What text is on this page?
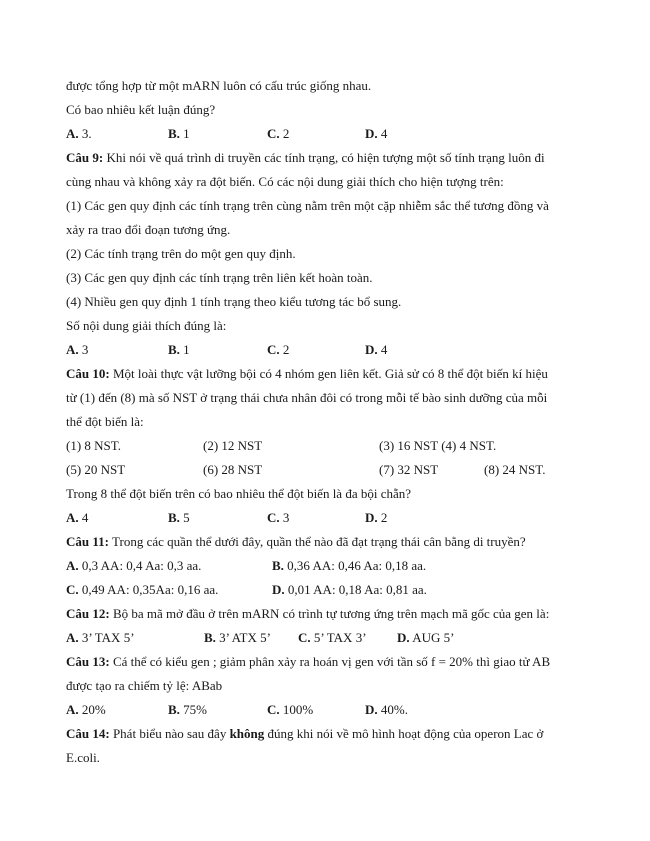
được tổng hợp từ một mARN luôn có cấu trúc giống nhau.
Có bao nhiêu kết luận đúng?
A. 3.	B. 1	C. 2	D. 4
Câu 9: Khi nói về quá trình di truyền các tính trạng, có hiện tượng một số tính trạng luôn đi
cùng nhau và không xảy ra đột biến. Có các nội dung giải thích cho hiện tượng trên:
(1) Các gen quy định các tính trạng trên cùng nằm trên một cặp nhiễm sắc thể tương đồng và
xảy ra trao đổi đoạn tương ứng.
(2) Các tính trạng trên do một gen quy định.
(3) Các gen quy định các tính trạng trên liên kết hoàn toàn.
(4) Nhiều gen quy định 1 tính trạng theo kiểu tương tác bổ sung.
Số nội dung giải thích đúng là:
A. 3	B. 1	C. 2	D. 4
Câu 10: Một loài thực vật lưỡng bội có 4 nhóm gen liên kết. Giả sử có 8 thể đột biến kí hiệu
từ (1) đến (8) mà số NST ở trạng thái chưa nhân đôi có trong mỗi tế bào sinh dưỡng của mỗi
thể đột biến là:
(1) 8 NST.	(2) 12 NST	(3) 16 NST (4) 4 NST.
(5) 20 NST	(6) 28 NST	(7) 32 NST	(8) 24 NST.
Trong 8 thể đột biến trên có bao nhiêu thể đột biến là đa bội chẵn?
A. 4	B. 5	C. 3	D. 2
Câu 11: Trong các quần thể dưới đây, quần thể nào đã đạt trạng thái cân bằng di truyền?
A. 0,3 AA: 0,4 Aa: 0,3 aa.	B. 0,36 AA: 0,46 Aa: 0,18 aa.
C. 0,49 AA: 0,35Aa: 0,16 aa.	D. 0,01 AA: 0,18 Aa: 0,81 aa.
Câu 12: Bộ ba mã mở đầu ở trên mARN có trình tự tương ứng trên mạch mã gốc của gen là:
A. 3’ TAX 5’	B. 3’ ATX 5’ C. 5’ TAX 3’ D. AUG 5’
Câu 13: Cá thể có kiểu gen ; giảm phân xảy ra hoán vị gen với tần số f = 20% thì giao tử AB
được tạo ra chiếm tỷ lệ: ABab
A. 20%	B. 75%	C. 100%	D. 40%.
Câu 14: Phát biểu nào sau đây không đúng khi nói về mô hình hoạt động của operon Lac ở
E.coli.
